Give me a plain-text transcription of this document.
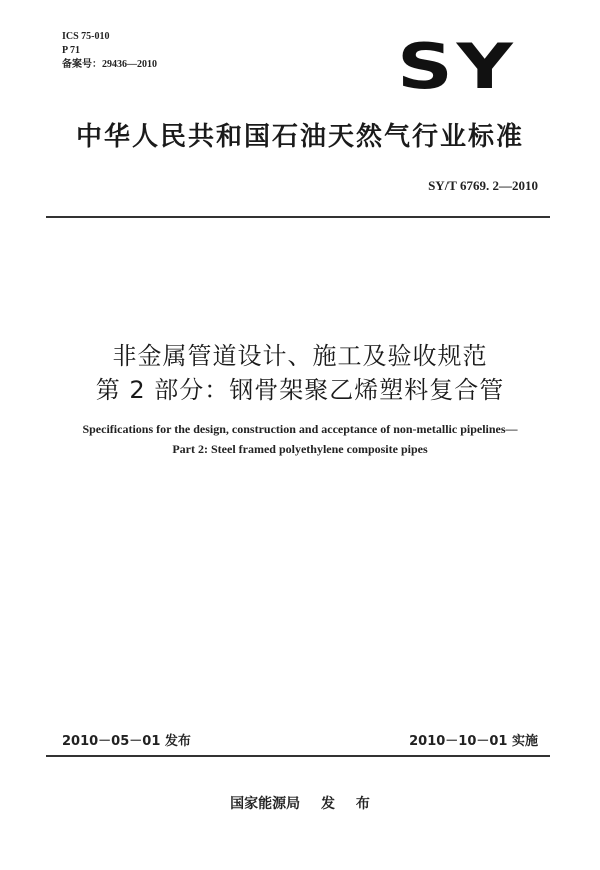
ICS 75-010
P 71
备案号：29436—2010	SY
中华人民共和国石油天然气行业标准
SY/T 6769. 2—2010
非金属管道设计、施工及验收规范
第 2 部分：钢骨架聚乙烯塑料复合管
Specifications for the design, construction and acceptance of non-metallic pipelines—
Part 2: Steel framed polyethylene composite pipes
2010－05－01 发布	2010－10－01 实施
国家能源局 发 布
